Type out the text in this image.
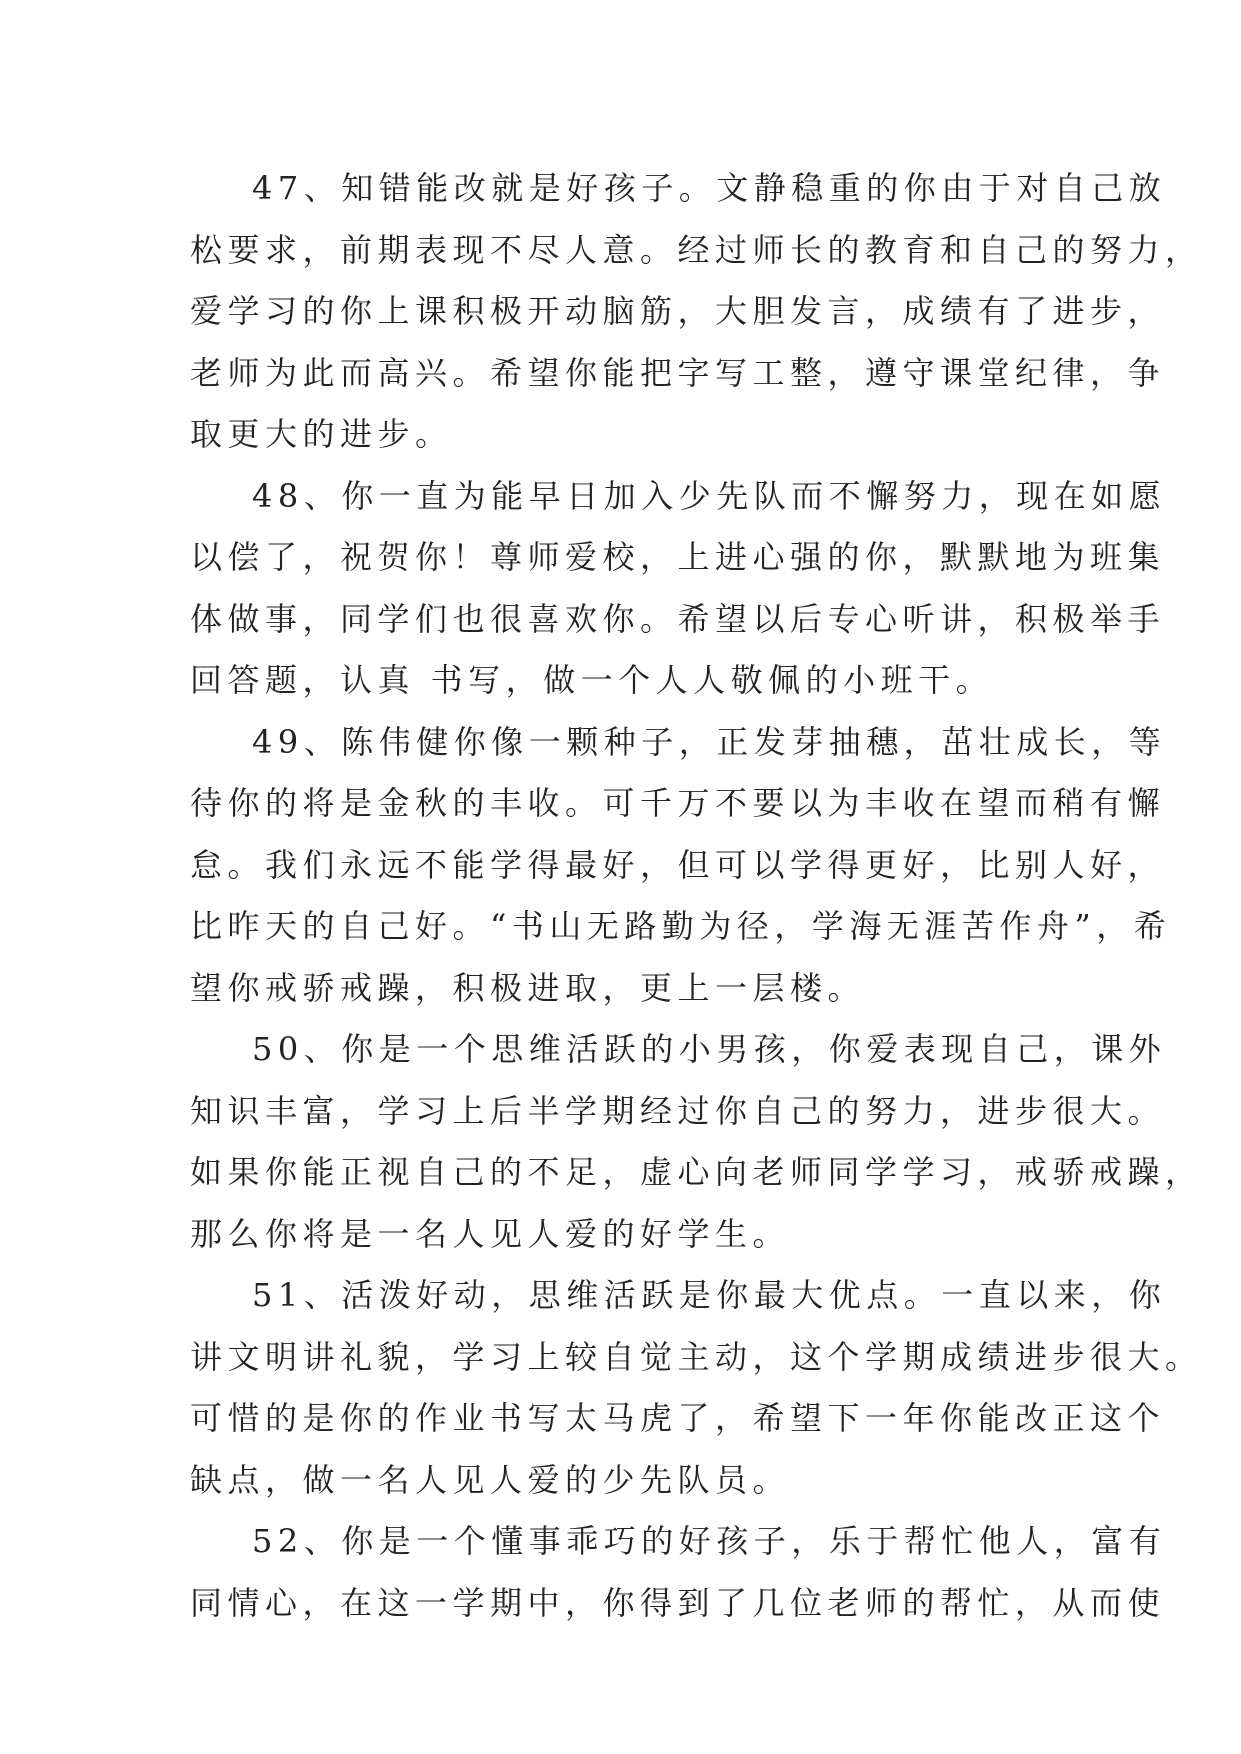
47、知错能改就是好孩子。文静稳重的你由于对自己放
松要求，前期表现不尽人意。经过师长的教育和自己的努力，
爱学习的你上课积极开动脑筋，大胆发言，成绩有了进步，
老师为此而高兴。希望你能把字写工整，遵守课堂纪律，争
取更大的进步。
48、你一直为能早日加入少先队而不懈努力，现在如愿
以偿了，祝贺你！尊师爱校，上进心强的你，默默地为班集
体做事，同学们也很喜欢你。希望以后专心听讲，积极举手
回答题，认真 书写，做一个人人敬佩的小班干。
49、陈伟健你像一颗种子，正发芽抽穗，茁壮成长，等
待你的将是金秋的丰收。可千万不要以为丰收在望而稍有懈
怠。我们永远不能学得最好，但可以学得更好，比别人好，
比昨天的自己好。“书山无路勤为径，学海无涯苦作舟”，希
望你戒骄戒躁，积极进取，更上一层楼。
50、你是一个思维活跃的小男孩，你爱表现自己，课外
知识丰富，学习上后半学期经过你自己的努力，进步很大。
如果你能正视自己的不足，虚心向老师同学学习，戒骄戒躁，
那么你将是一名人见人爱的好学生。
51、活泼好动，思维活跃是你最大优点。一直以来，你
讲文明讲礼貌，学习上较自觉主动，这个学期成绩进步很大。
可惜的是你的作业书写太马虎了，希望下一年你能改正这个
缺点，做一名人见人爱的少先队员。
52、你是一个懂事乖巧的好孩子，乐于帮忙他人，富有
同情心，在这一学期中，你得到了几位老师的帮忙，从而使
